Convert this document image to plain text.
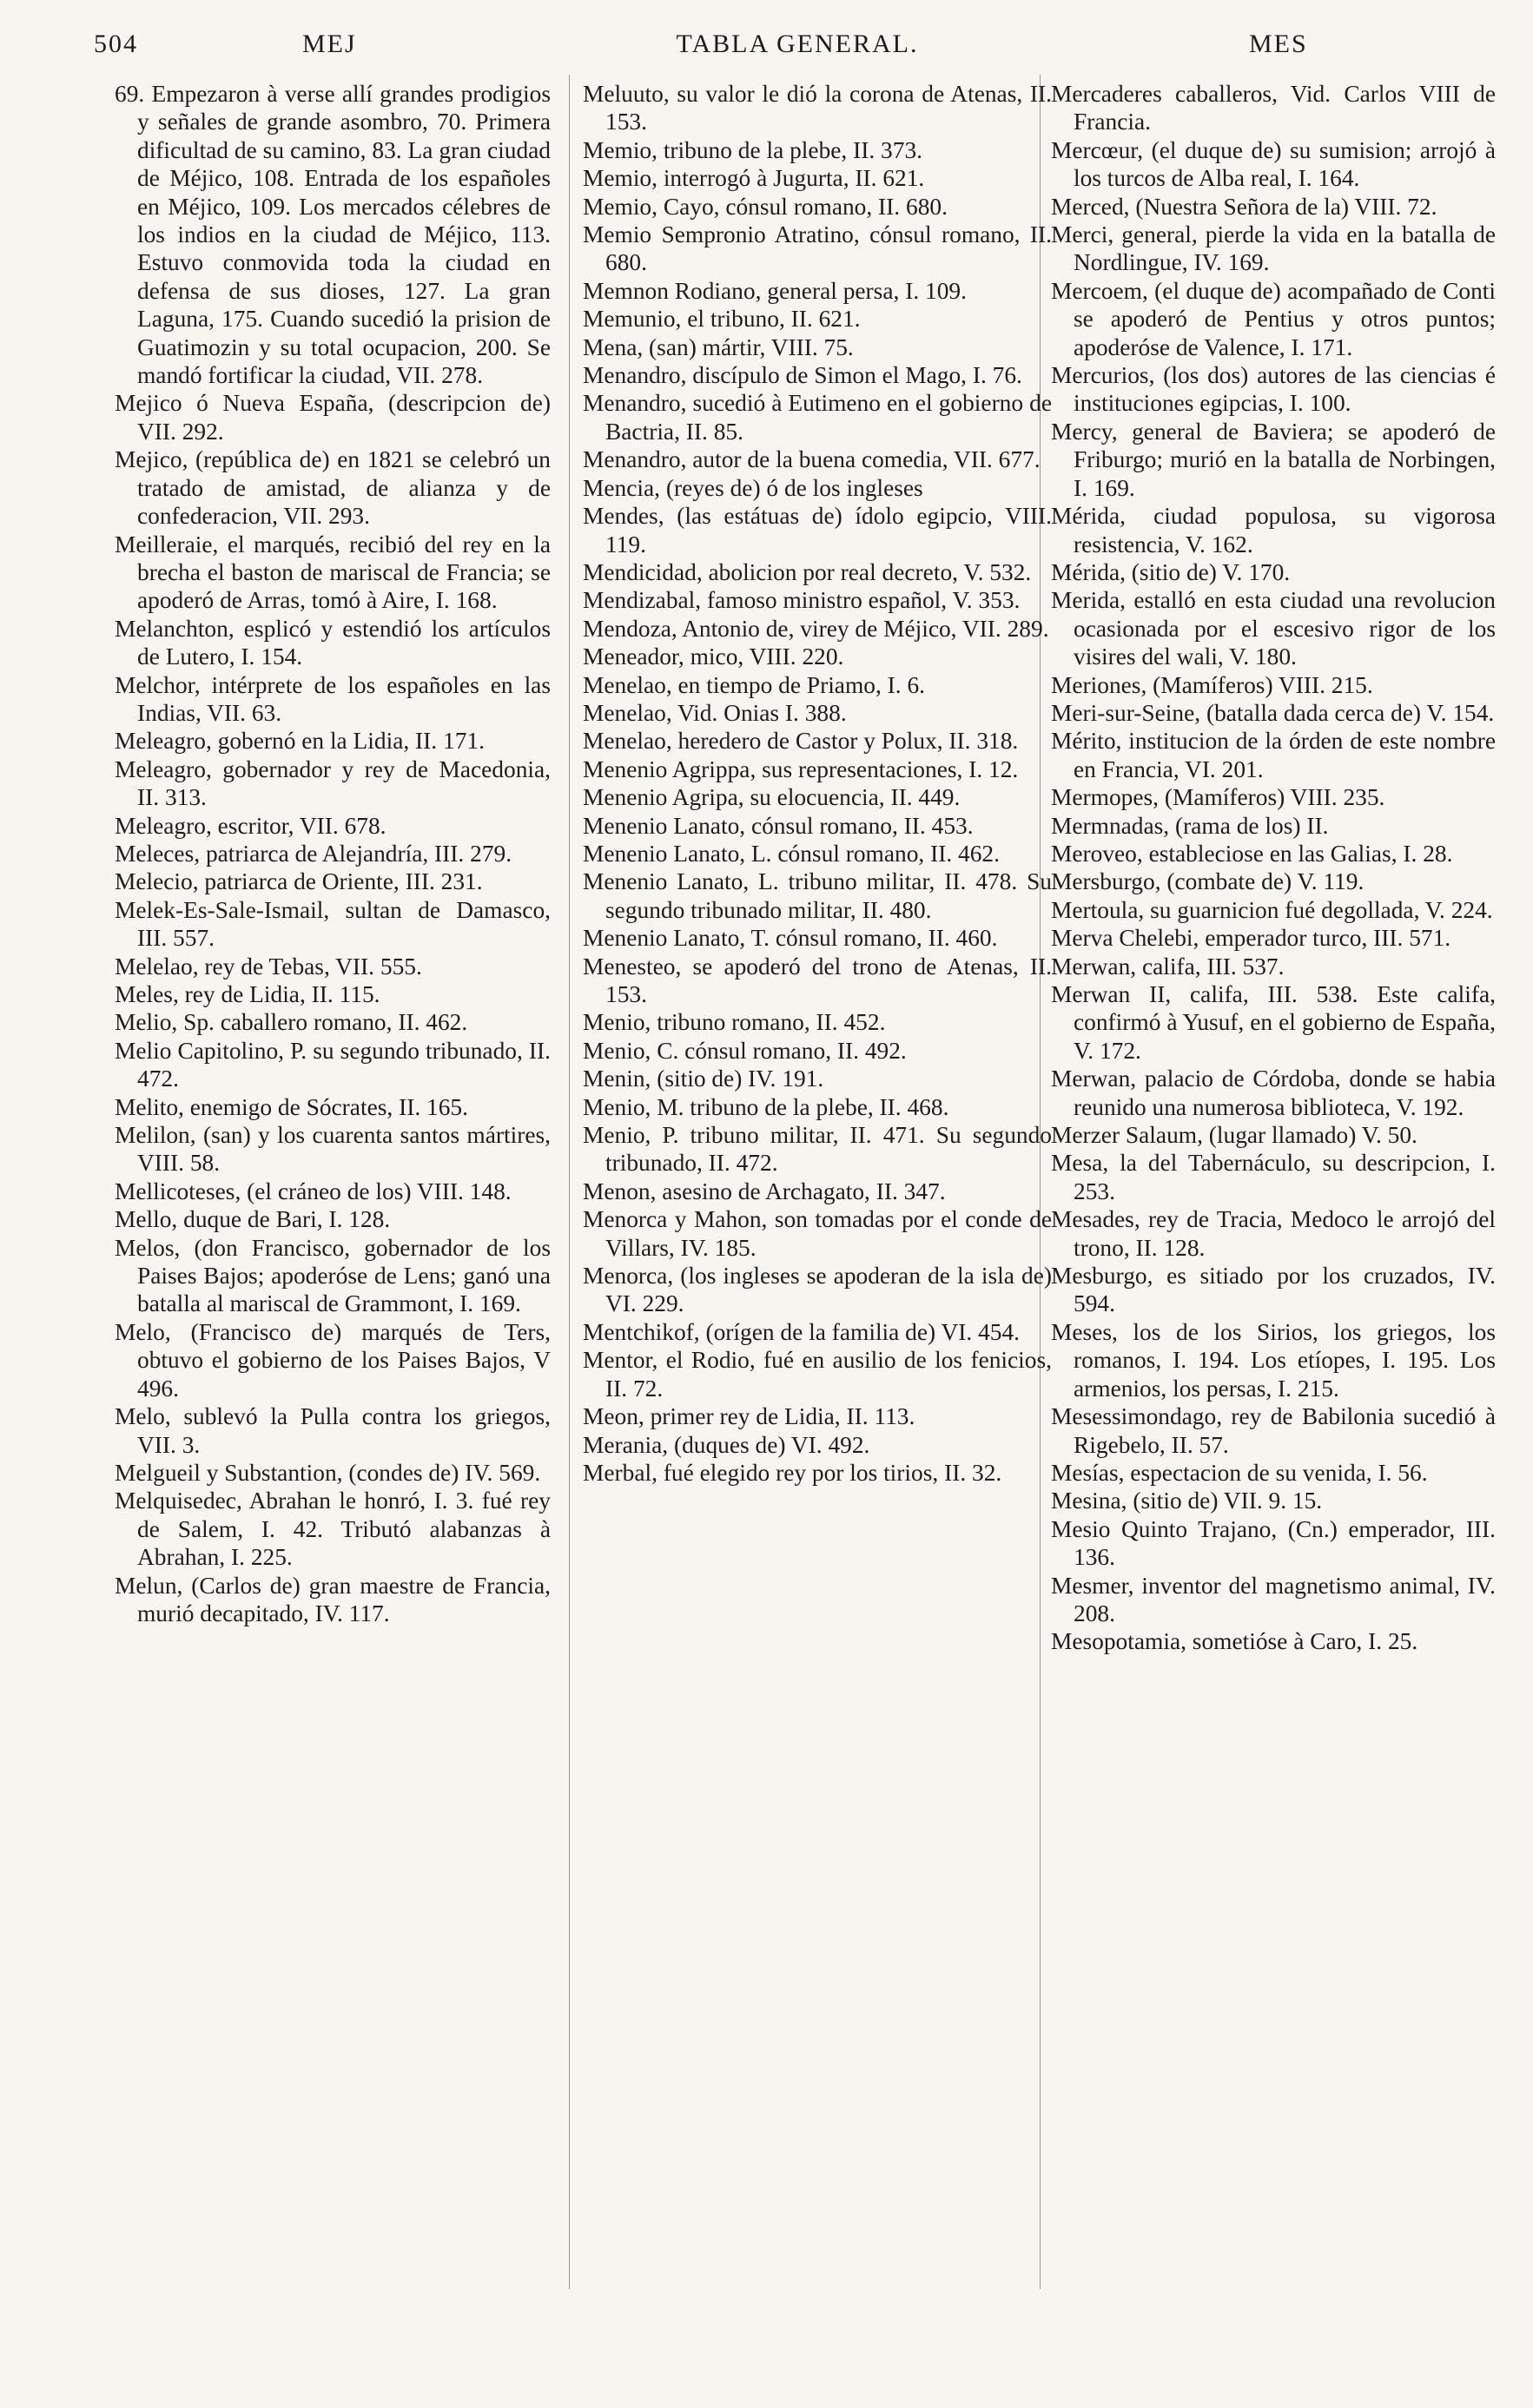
504	MEJ	TABLA GENERAL.	MES

69. Empezaron à verse allí grandes prodigios y señales de grande asombro, 70. Primera dificultad de su camino, 83. La gran ciudad de Méjico, 108. Entrada de los españoles en Méjico, 109. Los mercados célebres de los indios en la ciudad de Méjico, 113. Estuvo conmovida toda la ciudad en defensa de sus dioses, 127. La gran Laguna, 175. Cuando sucedió la prision de Guatimozin y su total ocupacion, 200. Se mandó fortificar la ciudad, VII. 278.

Mejico ó Nueva España, (descripcion de) VII. 292.

Mejico, (república de) en 1821 se celebró un tratado de amistad, de alianza y de confederacion, VII. 293.

Meilleraie, el marqués, recibió del rey en la brecha el baston de mariscal de Francia; se apoderó de Arras, tomó à Aire, I. 168.

Melanchton, esplicó y estendió los artículos de Lutero, I. 154.

Melchor, intérprete de los españoles en las Indias, VII. 63.

Meleagro, gobernó en la Lidia, II. 171.

Meleagro, gobernador y rey de Macedonia, II. 313.

Meleagro, escritor, VII. 678.

Meleces, patriarca de Alejandría, III. 279.

Melecio, patriarca de Oriente, III. 231.

Melek-Es-Sale-Ismail, sultan de Damasco, III. 557.

Melelao, rey de Tebas, VII. 555.

Meles, rey de Lidia, II. 115.

Melio, Sp. caballero romano, II. 462.

Melio Capitolino, P. su segundo tribunado, II. 472.

Melito, enemigo de Sócrates, II. 165.

Melilon, (san) y los cuarenta santos mártires, VIII. 58.

Mellicoteses, (el cráneo de los) VIII. 148.

Mello, duque de Bari, I. 128.

Melos, (don Francisco, gobernador de los Paises Bajos; apoderóse de Lens; ganó una batalla al mariscal de Grammont, I. 169.

Melo, (Francisco de) marqués de Ters, obtuvo el gobierno de los Paises Bajos, V 496.

Melo, sublevó la Pulla contra los griegos, VII. 3.

Melgueil y Substantion, (condes de) IV. 569.

Melquisedec, Abrahan le honró, I. 3. fué rey de Salem, I. 42. Tributó alabanzas à Abrahan, I. 225.

Melun, (Carlos de) gran maestre de Francia, murió decapitado, IV. 117.

Meluuto, su valor le dió la corona de Atenas, II. 153.

Memio, tribuno de la plebe, II. 373.

Memio, interrogó à Jugurta, II. 621.

Memio, Cayo, cónsul romano, II. 680.

Memio Sempronio Atratino, cónsul romano, II. 680.

Memnon Rodiano, general persa, I. 109.

Memunio, el tribuno, II. 621.

Mena, (san) mártir, VIII. 75.

Menandro, discípulo de Simon el Mago, I. 76.

Menandro, sucedió à Eutimeno en el gobierno de Bactria, II. 85.

Menandro, autor de la buena comedia, VII. 677.

Mencia, (reyes de) ó de los ingleses

Mendes, (las estátuas de) ídolo egipcio, VIII. 119.

Mendicidad, abolicion por real decreto, V. 532.

Mendizabal, famoso ministro español, V. 353.

Mendoza, Antonio de, virey de Méjico, VII. 289.

Meneador, mico, VIII. 220.

Menelao, en tiempo de Priamo, I. 6.

Menelao, Vid. Onias I. 388.

Menelao, heredero de Castor y Polux, II. 318.

Menenio Agrippa, sus representaciones, I. 12.

Menenio Agripa, su elocuencia, II. 449.

Menenio Lanato, cónsul romano, II. 453.

Menenio Lanato, L. cónsul romano, II. 462.

Menenio Lanato, L. tribuno militar, II. 478. Su segundo tribunado militar, II. 480.

Menenio Lanato, T. cónsul romano, II. 460.

Menesteo, se apoderó del trono de Atenas, II. 153.

Menio, tribuno romano, II. 452.

Menio, C. cónsul romano, II. 492.

Menin, (sitio de) IV. 191.

Menio, M. tribuno de la plebe, II. 468.

Menio, P. tribuno militar, II. 471. Su segundo tribunado, II. 472.

Menon, asesino de Archagato, II. 347.

Menorca y Mahon, son tomadas por el conde de Villars, IV. 185.

Menorca, (los ingleses se apoderan de la isla de) VI. 229.

Mentchikof, (orígen de la familia de) VI. 454.

Mentor, el Rodio, fué en ausilio de los fenicios, II. 72.

Meon, primer rey de Lidia, II. 113.

Merania, (duques de) VI. 492.

Merbal, fué elegido rey por los tirios, II. 32.

Mercaderes caballeros, Vid. Carlos VIII de Francia.

Mercœur, (el duque de) su sumision; arrojó à los turcos de Alba real, I. 164.

Merced, (Nuestra Señora de la) VIII. 72.

Merci, general, pierde la vida en la batalla de Nordlingue, IV. 169.

Mercoem, (el duque de) acompañado de Conti se apoderó de Pentius y otros puntos; apoderóse de Valence, I. 171.

Mercurios, (los dos) autores de las ciencias é instituciones egipcias, I. 100.

Mercy, general de Baviera; se apoderó de Friburgo; murió en la batalla de Norbingen, I. 169.

Mérida, ciudad populosa, su vigorosa resistencia, V. 162.

Mérida, (sitio de) V. 170.

Merida, estalló en esta ciudad una revolucion ocasionada por el escesivo rigor de los visires del wali, V. 180.

Meriones, (Mamíferos) VIII. 215.

Meri-sur-Seine, (batalla dada cerca de) V. 154.

Mérito, institucion de la órden de este nombre en Francia, VI. 201.

Mermopes, (Mamíferos) VIII. 235.

Mermnadas, (rama de los) II.

Meroveo, estableciose en las Galias, I. 28.

Mersburgo, (combate de) V. 119.

Mertoula, su guarnicion fué degollada, V. 224.

Merva Chelebi, emperador turco, III. 571.

Merwan, califa, III. 537.

Merwan II, califa, III. 538. Este califa, confirmó à Yusuf, en el gobierno de España, V. 172.

Merwan, palacio de Córdoba, donde se habia reunido una numerosa biblioteca, V. 192.

Merzer Salaum, (lugar llamado) V. 50.

Mesa, la del Tabernáculo, su descripcion, I. 253.

Mesades, rey de Tracia, Medoco le arrojó del trono, II. 128.

Mesburgo, es sitiado por los cruzados, IV. 594.

Meses, los de los Sirios, los griegos, los romanos, I. 194. Los etíopes, I. 195. Los armenios, los persas, I. 215.

Mesessimondago, rey de Babilonia sucedió à Rigebelo, II. 57.

Mesías, espectacion de su venida, I. 56.

Mesina, (sitio de) VII. 9. 15.

Mesio Quinto Trajano, (Cn.) emperador, III. 136.

Mesmer, inventor del magnetismo animal, IV. 208.

Mesopotamia, sometióse à Caro, I. 25.
